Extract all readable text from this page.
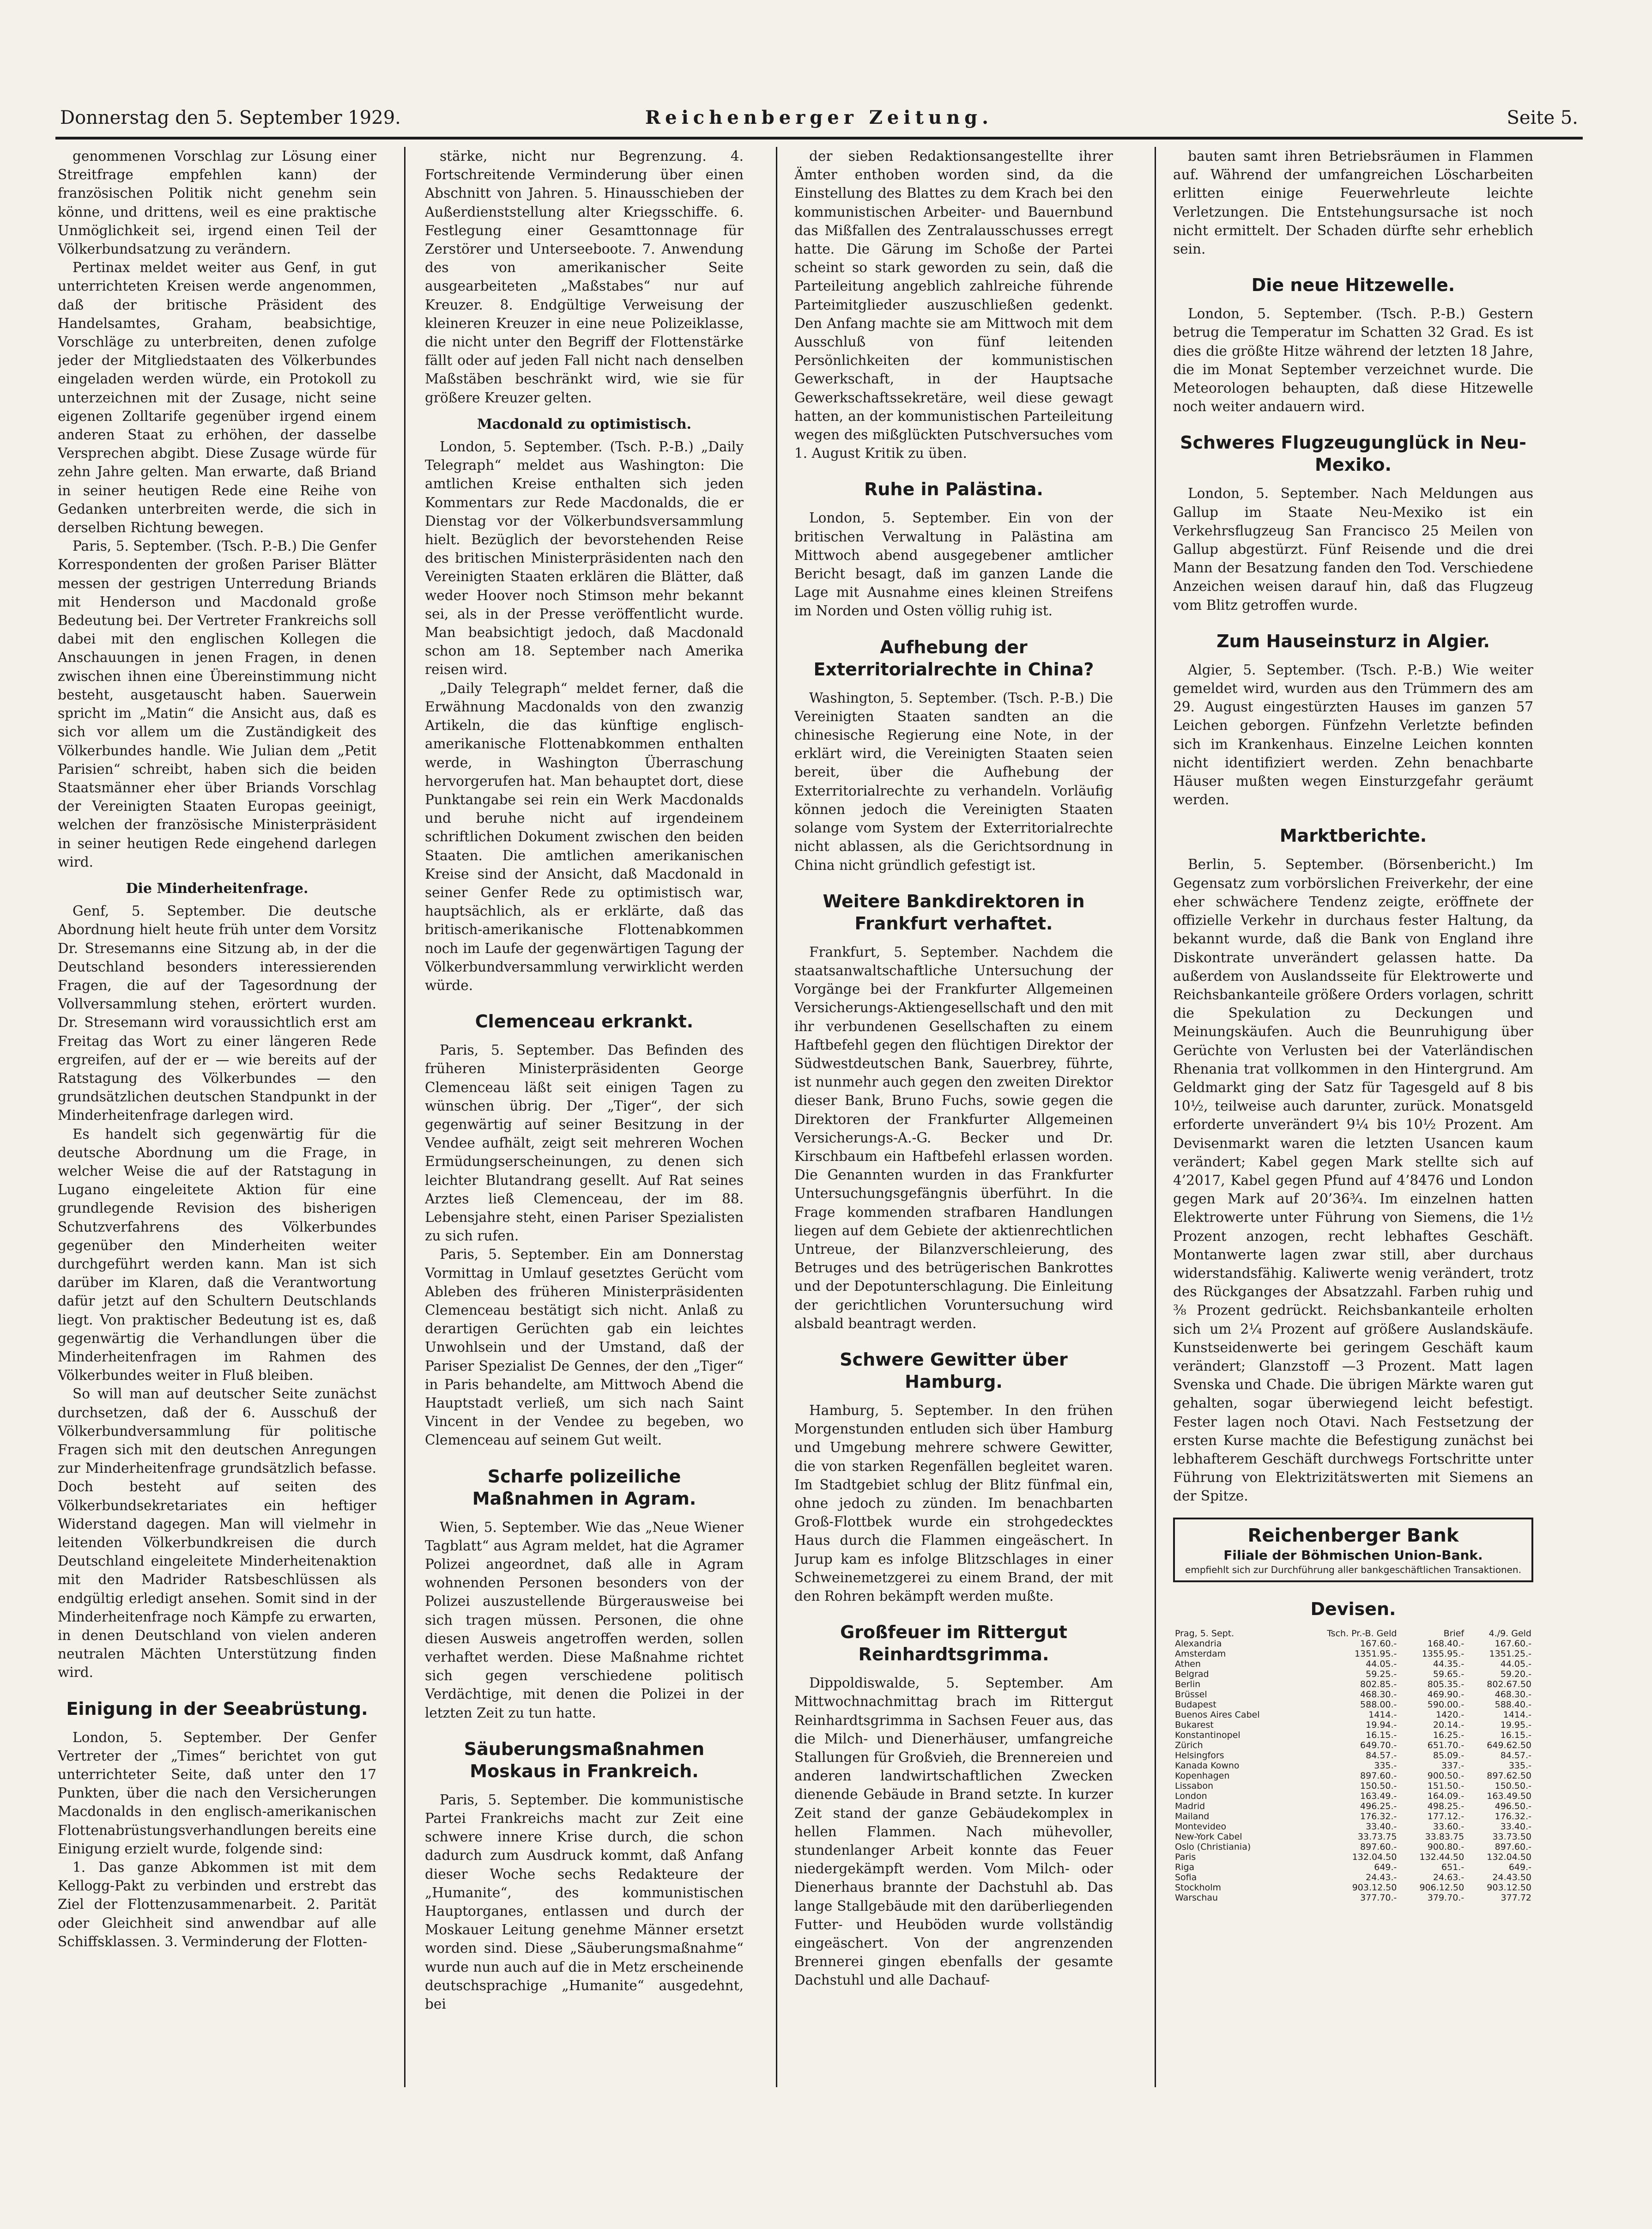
Donnerstag den 5. September 1929.	Reichenberger Zeitung.	Seite 5.

genommenen Vorschlag zur Lösung einer Streitfrage empfehlen kann) der französischen Politik nicht genehm sein könne, und drittens, weil es eine praktische Unmöglichkeit sei, irgend einen Teil der Völkerbundsatzung zu verändern.

Pertinax meldet weiter aus Genf, in gut unterrichteten Kreisen werde angenommen, daß der britische Präsident des Handelsamtes, Graham, beabsichtige, Vorschläge zu unterbreiten, denen zufolge jeder der Mitgliedstaaten des Völkerbundes eingeladen werden würde, ein Protokoll zu unterzeichnen mit der Zusage, nicht seine eigenen Zolltarife gegenüber irgend einem anderen Staat zu erhöhen, der dasselbe Versprechen abgibt. Diese Zusage würde für zehn Jahre gelten. Man erwarte, daß Briand in seiner heutigen Rede eine Reihe von Gedanken unterbreiten werde, die sich in derselben Richtung bewegen.

Paris, 5. September. (Tsch. P.-B.) Die Genfer Korrespondenten der großen Pariser Blätter messen der gestrigen Unterredung Briands mit Henderson und Macdonald große Bedeutung bei. Der Vertreter Frankreichs soll dabei mit den englischen Kollegen die Anschauungen in jenen Fragen, in denen zwischen ihnen eine Übereinstimmung nicht besteht, ausgetauscht haben. Sauerwein spricht im „Matin“ die Ansicht aus, daß es sich vor allem um die Zuständigkeit des Völkerbundes handle. Wie Julian dem „Petit Parisien“ schreibt, haben sich die beiden Staatsmänner eher über Briands Vorschlag der Vereinigten Staaten Europas geeinigt, welchen der französische Ministerpräsident in seiner heutigen Rede eingehend darlegen wird.

Die Minderheitenfrage.

Genf, 5. September. Die deutsche Abordnung hielt heute früh unter dem Vorsitz Dr. Stresemanns eine Sitzung ab, in der die Deutschland besonders interessierenden Fragen, die auf der Tagesordnung der Vollversammlung stehen, erörtert wurden. Dr. Stresemann wird voraussichtlich erst am Freitag das Wort zu einer längeren Rede ergreifen, auf der er — wie bereits auf der Ratstagung des Völkerbundes — den grundsätzlichen deutschen Standpunkt in der Minderheitenfrage darlegen wird.

Es handelt sich gegenwärtig für die deutsche Abordnung um die Frage, in welcher Weise die auf der Ratstagung in Lugano eingeleitete Aktion für eine grundlegende Revision des bisherigen Schutzverfahrens des Völkerbundes gegenüber den Minderheiten weiter durchgeführt werden kann. Man ist sich darüber im Klaren, daß die Verantwortung dafür jetzt auf den Schultern Deutschlands liegt. Von praktischer Bedeutung ist es, daß gegenwärtig die Verhandlungen über die Minderheitenfragen im Rahmen des Völkerbundes weiter in Fluß bleiben.

So will man auf deutscher Seite zunächst durchsetzen, daß der 6. Ausschuß der Völkerbundversammlung für politische Fragen sich mit den deutschen Anregungen zur Minderheitenfrage grundsätzlich befasse. Doch besteht auf seiten des Völkerbundsekretariates ein heftiger Widerstand dagegen. Man will vielmehr in leitenden Völkerbundkreisen die durch Deutschland eingeleitete Minderheitenaktion mit den Madrider Ratsbeschlüssen als endgültig erledigt ansehen. Somit sind in der Minderheitenfrage noch Kämpfe zu erwarten, in denen Deutschland von vielen anderen neutralen Mächten Unterstützung finden wird.

Einigung in der Seeabrüstung.

London, 5. September. Der Genfer Vertreter der „Times“ berichtet von gut unterrichteter Seite, daß unter den 17 Punkten, über die nach den Versicherungen Macdonalds in den englisch-amerikanischen Flottenabrüstungsverhandlungen bereits eine Einigung erzielt wurde, folgende sind:

1. Das ganze Abkommen ist mit dem Kellogg-Pakt zu verbinden und erstrebt das Ziel der Flottenzusammenarbeit. 2. Parität oder Gleichheit sind anwendbar auf alle Schiffsklassen. 3. Verminderung der Flotten-

stärke, nicht nur Begrenzung. 4. Fortschreitende Verminderung über einen Abschnitt von Jahren. 5. Hinausschieben der Außerdienststellung alter Kriegsschiffe. 6. Festlegung einer Gesamttonnage für Zerstörer und Unterseeboote. 7. Anwendung des von amerikanischer Seite ausgearbeiteten „Maßstabes“ nur auf Kreuzer. 8. Endgültige Verweisung der kleineren Kreuzer in eine neue Polizeiklasse, die nicht unter den Begriff der Flottenstärke fällt oder auf jeden Fall nicht nach denselben Maßstäben beschränkt wird, wie sie für größere Kreuzer gelten.

Macdonald zu optimistisch.

London, 5. September. (Tsch. P.-B.) „Daily Telegraph“ meldet aus Washington: Die amtlichen Kreise enthalten sich jeden Kommentars zur Rede Macdonalds, die er Dienstag vor der Völkerbundsversammlung hielt. Bezüglich der bevorstehenden Reise des britischen Ministerpräsidenten nach den Vereinigten Staaten erklären die Blätter, daß weder Hoover noch Stimson mehr bekannt sei, als in der Presse veröffentlicht wurde. Man beabsichtigt jedoch, daß Macdonald schon am 18. September nach Amerika reisen wird.

„Daily Telegraph“ meldet ferner, daß die Erwähnung Macdonalds von den zwanzig Artikeln, die das künftige englisch-amerikanische Flottenabkommen enthalten werde, in Washington Überraschung hervorgerufen hat. Man behauptet dort, diese Punktangabe sei rein ein Werk Macdonalds und beruhe nicht auf irgendeinem schriftlichen Dokument zwischen den beiden Staaten. Die amtlichen amerikanischen Kreise sind der Ansicht, daß Macdonald in seiner Genfer Rede zu optimistisch war, hauptsächlich, als er erklärte, daß das britisch-amerikanische Flottenabkommen noch im Laufe der gegenwärtigen Tagung der Völkerbundversammlung verwirklicht werden würde.

Clemenceau erkrankt.

Paris, 5. September. Das Befinden des früheren Ministerpräsidenten George Clemenceau läßt seit einigen Tagen zu wünschen übrig. Der „Tiger“, der sich gegenwärtig auf seiner Besitzung in der Vendee aufhält, zeigt seit mehreren Wochen Ermüdungserscheinungen, zu denen sich leichter Blutandrang gesellt. Auf Rat seines Arztes ließ Clemenceau, der im 88. Lebensjahre steht, einen Pariser Spezialisten zu sich rufen.

Paris, 5. September. Ein am Donnerstag Vormittag in Umlauf gesetztes Gerücht vom Ableben des früheren Ministerpräsidenten Clemenceau bestätigt sich nicht. Anlaß zu derartigen Gerüchten gab ein leichtes Unwohlsein und der Umstand, daß der Pariser Spezialist De Gennes, der den „Tiger“ in Paris behandelte, am Mittwoch Abend die Hauptstadt verließ, um sich nach Saint Vincent in der Vendee zu begeben, wo Clemenceau auf seinem Gut weilt.

Scharfe polizeiliche Maßnahmen in Agram.

Wien, 5. September. Wie das „Neue Wiener Tagblatt“ aus Agram meldet, hat die Agramer Polizei angeordnet, daß alle in Agram wohnenden Personen besonders von der Polizei auszustellende Bürgerausweise bei sich tragen müssen. Personen, die ohne diesen Ausweis angetroffen werden, sollen verhaftet werden. Diese Maßnahme richtet sich gegen verschiedene politisch Verdächtige, mit denen die Polizei in der letzten Zeit zu tun hatte.

Säuberungsmaßnahmen Moskaus in Frankreich.

Paris, 5. September. Die kommunistische Partei Frankreichs macht zur Zeit eine schwere innere Krise durch, die schon dadurch zum Ausdruck kommt, daß Anfang dieser Woche sechs Redakteure der „Humanite“, des kommunistischen Hauptorganes, entlassen und durch der Moskauer Leitung genehme Männer ersetzt worden sind. Diese „Säuberungsmaßnahme“ wurde nun auch auf die in Metz erscheinende deutschsprachige „Humanite“ ausgedehnt, bei

der sieben Redaktionsangestellte ihrer Ämter enthoben worden sind, da die Einstellung des Blattes zu dem Krach bei den kommunistischen Arbeiter- und Bauernbund das Mißfallen des Zentralausschusses erregt hatte. Die Gärung im Schoße der Partei scheint so stark geworden zu sein, daß die Parteileitung angeblich zahlreiche führende Parteimitglieder auszuschließen gedenkt. Den Anfang machte sie am Mittwoch mit dem Ausschluß von fünf leitenden Persönlichkeiten der kommunistischen Gewerkschaft, in der Hauptsache Gewerkschaftssekretäre, weil diese gewagt hatten, an der kommunistischen Parteileitung wegen des mißglückten Putschversuches vom 1. August Kritik zu üben.

Ruhe in Palästina.

London, 5. September. Ein von der britischen Verwaltung in Palästina am Mittwoch abend ausgegebener amtlicher Bericht besagt, daß im ganzen Lande die Lage mit Ausnahme eines kleinen Streifens im Norden und Osten völlig ruhig ist.

Aufhebung der Exterritorialrechte in China?

Washington, 5. September. (Tsch. P.-B.) Die Vereinigten Staaten sandten an die chinesische Regierung eine Note, in der erklärt wird, die Vereinigten Staaten seien bereit, über die Aufhebung der Exterritorialrechte zu verhandeln. Vorläufig können jedoch die Vereinigten Staaten solange vom System der Exterritorialrechte nicht ablassen, als die Gerichtsordnung in China nicht gründlich gefestigt ist.

Weitere Bankdirektoren in Frankfurt verhaftet.

Frankfurt, 5. September. Nachdem die staatsanwaltschaftliche Untersuchung der Vorgänge bei der Frankfurter Allgemeinen Versicherungs-Aktiengesellschaft und den mit ihr verbundenen Gesellschaften zu einem Haftbefehl gegen den flüchtigen Direktor der Südwestdeutschen Bank, Sauerbrey, führte, ist nunmehr auch gegen den zweiten Direktor dieser Bank, Bruno Fuchs, sowie gegen die Direktoren der Frankfurter Allgemeinen Versicherungs-A.-G. Becker und Dr. Kirschbaum ein Haftbefehl erlassen worden. Die Genannten wurden in das Frankfurter Untersuchungsgefängnis überführt. In die Frage kommenden strafbaren Handlungen liegen auf dem Gebiete der aktienrechtlichen Untreue, der Bilanzverschleierung, des Betruges und des betrügerischen Bankrottes und der Depotunterschlagung. Die Einleitung der gerichtlichen Voruntersuchung wird alsbald beantragt werden.

Schwere Gewitter über Hamburg.

Hamburg, 5. September. In den frühen Morgenstunden entluden sich über Hamburg und Umgebung mehrere schwere Gewitter, die von starken Regenfällen begleitet waren. Im Stadtgebiet schlug der Blitz fünfmal ein, ohne jedoch zu zünden. Im benachbarten Groß-Flottbek wurde ein strohgedecktes Haus durch die Flammen eingeäschert. In Jurup kam es infolge Blitzschlages in einer Schweinemetzgerei zu einem Brand, der mit den Rohren bekämpft werden mußte.

Großfeuer im Rittergut Reinhardtsgrimma.

Dippoldiswalde, 5. September. Am Mittwochnachmittag brach im Rittergut Reinhardtsgrimma in Sachsen Feuer aus, das die Milch- und Dienerhäuser, umfangreiche Stallungen für Großvieh, die Brennereien und anderen landwirtschaftlichen Zwecken dienende Gebäude in Brand setzte. In kurzer Zeit stand der ganze Gebäudekomplex in hellen Flammen. Nach mühevoller, stundenlanger Arbeit konnte das Feuer niedergekämpft werden. Vom Milch- oder Dienerhaus brannte der Dachstuhl ab. Das lange Stallgebäude mit den darüberliegenden Futter- und Heuböden wurde vollständig eingeäschert. Von der angrenzenden Brennerei gingen ebenfalls der gesamte Dachstuhl und alle Dachauf-

bauten samt ihren Betriebsräumen in Flammen auf. Während der umfangreichen Löscharbeiten erlitten einige Feuerwehrleute leichte Verletzungen. Die Entstehungsursache ist noch nicht ermittelt. Der Schaden dürfte sehr erheblich sein.

Die neue Hitzewelle.

London, 5. September. (Tsch. P.-B.) Gestern betrug die Temperatur im Schatten 32 Grad. Es ist dies die größte Hitze während der letzten 18 Jahre, die im Monat September verzeichnet wurde. Die Meteorologen behaupten, daß diese Hitzewelle noch weiter andauern wird.

Schweres Flugzeugunglück in Neu-Mexiko.

London, 5. September. Nach Meldungen aus Gallup im Staate Neu-Mexiko ist ein Verkehrsflugzeug San Francisco 25 Meilen von Gallup abgestürzt. Fünf Reisende und die drei Mann der Besatzung fanden den Tod. Verschiedene Anzeichen weisen darauf hin, daß das Flugzeug vom Blitz getroffen wurde.

Zum Hauseinsturz in Algier.

Algier, 5. September. (Tsch. P.-B.) Wie weiter gemeldet wird, wurden aus den Trümmern des am 29. August eingestürzten Hauses im ganzen 57 Leichen geborgen. Fünfzehn Verletzte befinden sich im Krankenhaus. Einzelne Leichen konnten nicht identifiziert werden. Zehn benachbarte Häuser mußten wegen Einsturzgefahr geräumt werden.

Marktberichte.

Berlin, 5. September. (Börsenbericht.) Im Gegensatz zum vorbörslichen Freiverkehr, der eine eher schwächere Tendenz zeigte, eröffnete der offizielle Verkehr in durchaus fester Haltung, da bekannt wurde, daß die Bank von England ihre Diskontrate unverändert gelassen hatte. Da außerdem von Auslandsseite für Elektrowerte und Reichsbankanteile größere Orders vorlagen, schritt die Spekulation zu Deckungen und Meinungskäufen. Auch die Beunruhigung über Gerüchte von Verlusten bei der Vaterländischen Rhenania trat vollkommen in den Hintergrund. Am Geldmarkt ging der Satz für Tagesgeld auf 8 bis 10½, teilweise auch darunter, zurück. Monatsgeld erforderte unverändert 9¼ bis 10½ Prozent. Am Devisenmarkt waren die letzten Usancen kaum verändert; Kabel gegen Mark stellte sich auf 4’2017, Kabel gegen Pfund auf 4’8476 und London gegen Mark auf 20’36¾. Im einzelnen hatten Elektrowerte unter Führung von Siemens, die 1½ Prozent anzogen, recht lebhaftes Geschäft. Montanwerte lagen zwar still, aber durchaus widerstandsfähig. Kaliwerte wenig verändert, trotz des Rückganges der Absatzzahl. Farben ruhig und ⅜ Prozent gedrückt. Reichsbankanteile erholten sich um 2¼ Prozent auf größere Auslandskäufe. Kunstseidenwerte bei geringem Geschäft kaum verändert; Glanzstoff —3 Prozent. Matt lagen Svenska und Chade. Die übrigen Märkte waren gut gehalten, sogar überwiegend leicht befestigt. Fester lagen noch Otavi. Nach Festsetzung der ersten Kurse machte die Befestigung zunächst bei lebhafterem Geschäft durchwegs Fortschritte unter Führung von Elektrizitätswerten mit Siemens an der Spitze.

Reichenberger Bank
Filiale der Böhmischen Union-Bank.
empfiehlt sich zur Durchführung aller bankgeschäftlichen Transaktionen.
Devisen.
Prag, 5. Sept.	Tsch. Pr.-B. Geld	Brief	4./9. Geld
Alexandria	167.60.-	168.40.-	167.60.-
Amsterdam	1351.95.-	1355.95.-	1351.25.-
Athen	44.05.-	44.35.-	44.05.-
Belgrad	59.25.-	59.65.-	59.20.-
Berlin	802.85.-	805.35.-	802.67.50
Brüssel	468.30.-	469.90.-	468.30.-
Budapest	588.00.-	590.00.-	588.40.-
Buenos Aires Cabel	1414.-	1420.-	1414.-
Bukarest	19.94.-	20.14.-	19.95.-
Konstantinopel	16.15.-	16.25.-	16.15.-
Zürich	649.70.-	651.70.-	649.62.50
Helsingfors	84.57.-	85.09.-	84.57.-
Kanada Kowno	335.-	337.-	335.-
Kopenhagen	897.60.-	900.50.-	897.62.50
Lissabon	150.50.-	151.50.-	150.50.-
London	163.49.-	164.09.-	163.49.50
Madrid	496.25.-	498.25.-	496.50.-
Mailand	176.32.-	177.12.-	176.32.-
Montevideo	33.40.-	33.60.-	33.40.-
New-York Cabel	33.73.75	33.83.75	33.73.50
Oslo (Christiania)	897.60.-	900.80.-	897.60.-
Paris	132.04.50	132.44.50	132.04.50
Riga	649.-	651.-	649.-
Sofia	24.43.-	24.63.-	24.43.50
Stockholm	903.12.50	906.12.50	903.12.50
Warschau	377.70.-	379.70.-	377.72
